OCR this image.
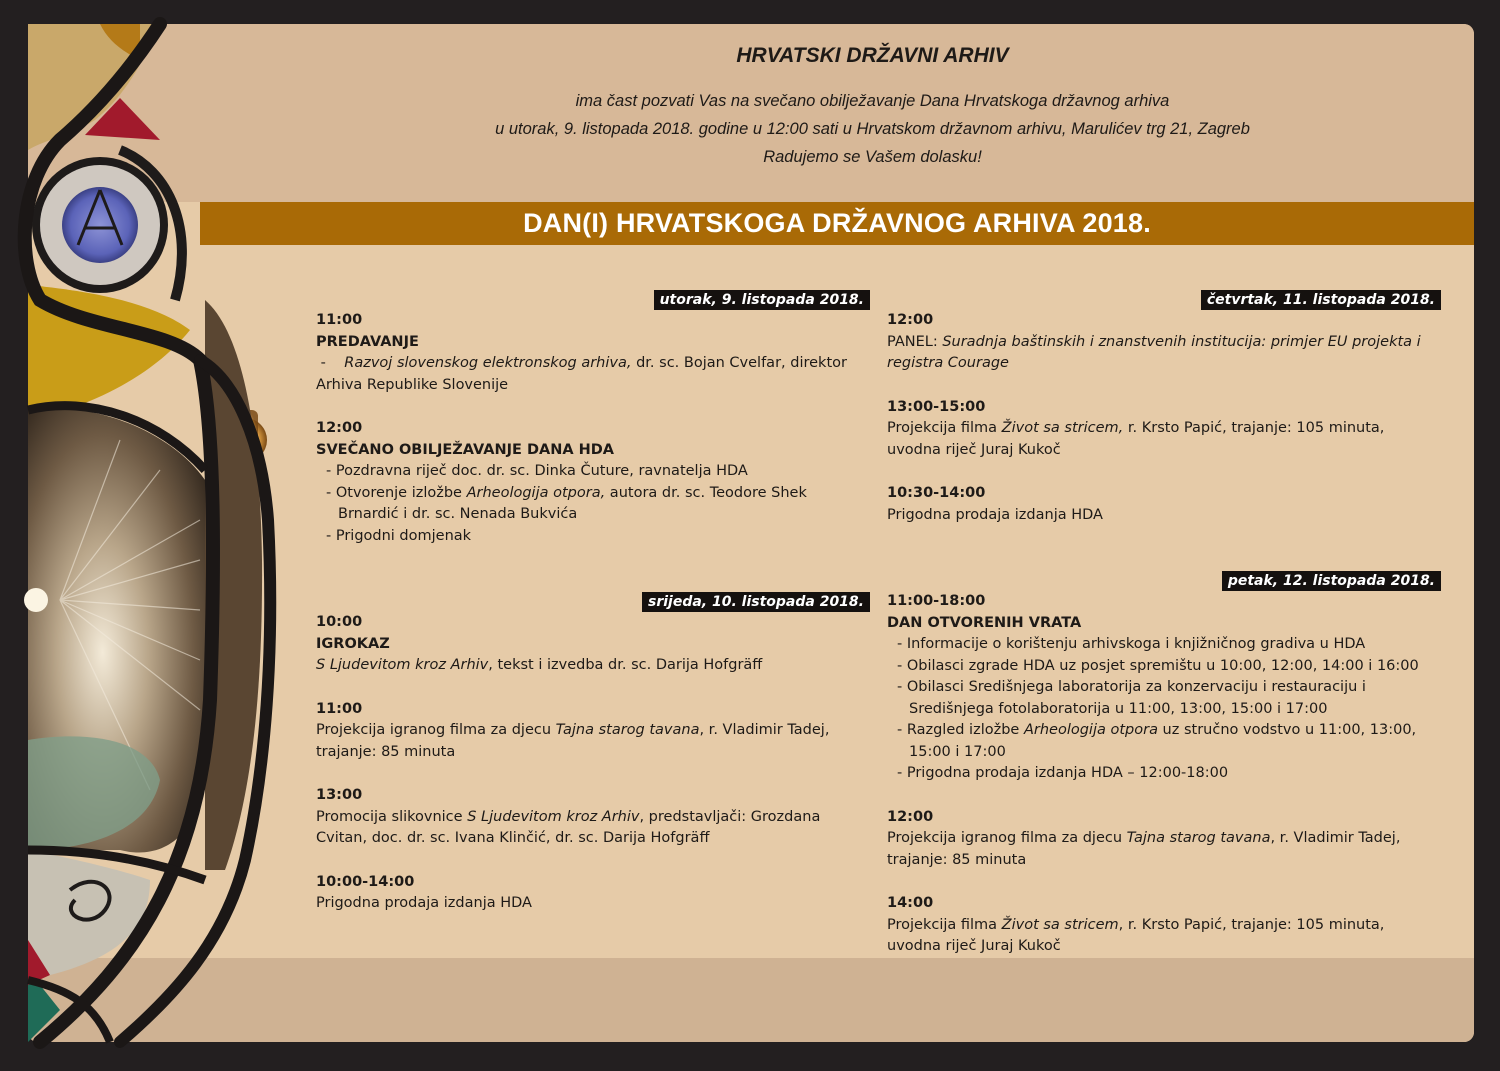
DAN(I) HRVATSKOGA DRŽAVNOG ARHIVA 2018.
HRVATSKI DRŽAVNI ARHIV
ima čast pozvati Vas na svečano obilježavanje Dana Hrvatskoga državnog arhiva
u utorak, 9. listopada 2018. godine u 12:00 sati u Hrvatskom državnom arhivu, Marulićev trg 21, Zagreb
Radujemo se Vašem dolasku!
utorak, 9. listopada 2018.
11:00
PREDAVANJE
- Razvoj slovenskog elektronskog arhiva, dr. sc. Bojan Cvelfar, direktor Arhiva Republike Slovenije
12:00
SVEČANO OBILJEŽAVANJE DANA HDA
- Pozdravna riječ doc. dr. sc. Dinka Čuture, ravnatelja HDA
- Otvorenje izložbe Arheologija otpora, autora dr. sc. Teodore Shek Brnardić i dr. sc. Nenada Bukvića
- Prigodni domjenak
srijeda, 10. listopada 2018.
10:00
IGROKAZ
S Ljudevitom kroz Arhiv, tekst i izvedba dr. sc. Darija Hofgräff
11:00
Projekcija igranog filma za djecu Tajna starog tavana, r. Vladimir Tadej, trajanje: 85 minuta
13:00
Promocija slikovnice S Ljudevitom kroz Arhiv, predstavljači: Grozdana Cvitan, doc. dr. sc. Ivana Klinčić, dr. sc. Darija Hofgräff
10:00-14:00
Prigodna prodaja izdanja HDA
četvrtak, 11. listopada 2018.
12:00
PANEL: Suradnja baštinskih i znanstvenih institucija: primjer EU projekta i registra Courage
13:00-15:00
Projekcija filma Život sa stricem, r. Krsto Papić, trajanje: 105 minuta, uvodna riječ Juraj Kukoč
10:30-14:00
Prigodna prodaja izdanja HDA
petak, 12. listopada 2018.
11:00-18:00
DAN OTVORENIH VRATA
- Informacije o korištenju arhivskoga i knjižničnog gradiva u HDA
- Obilasci zgrade HDA uz posjet spremištu u 10:00, 12:00, 14:00 i 16:00
- Obilasci Središnjega laboratorija za konzervaciju i restauraciju i Središnjega fotolaboratorija u 11:00, 13:00, 15:00 i 17:00
- Razgled izložbe Arheologija otpora uz stručno vodstvo u 11:00, 13:00, 15:00 i 17:00
- Prigodna prodaja izdanja HDA – 12:00-18:00
12:00
Projekcija igranog filma za djecu Tajna starog tavana, r. Vladimir Tadej, trajanje: 85 minuta
14:00
Projekcija filma Život sa stricem, r. Krsto Papić, trajanje: 105 minuta, uvodna riječ Juraj Kukoč
